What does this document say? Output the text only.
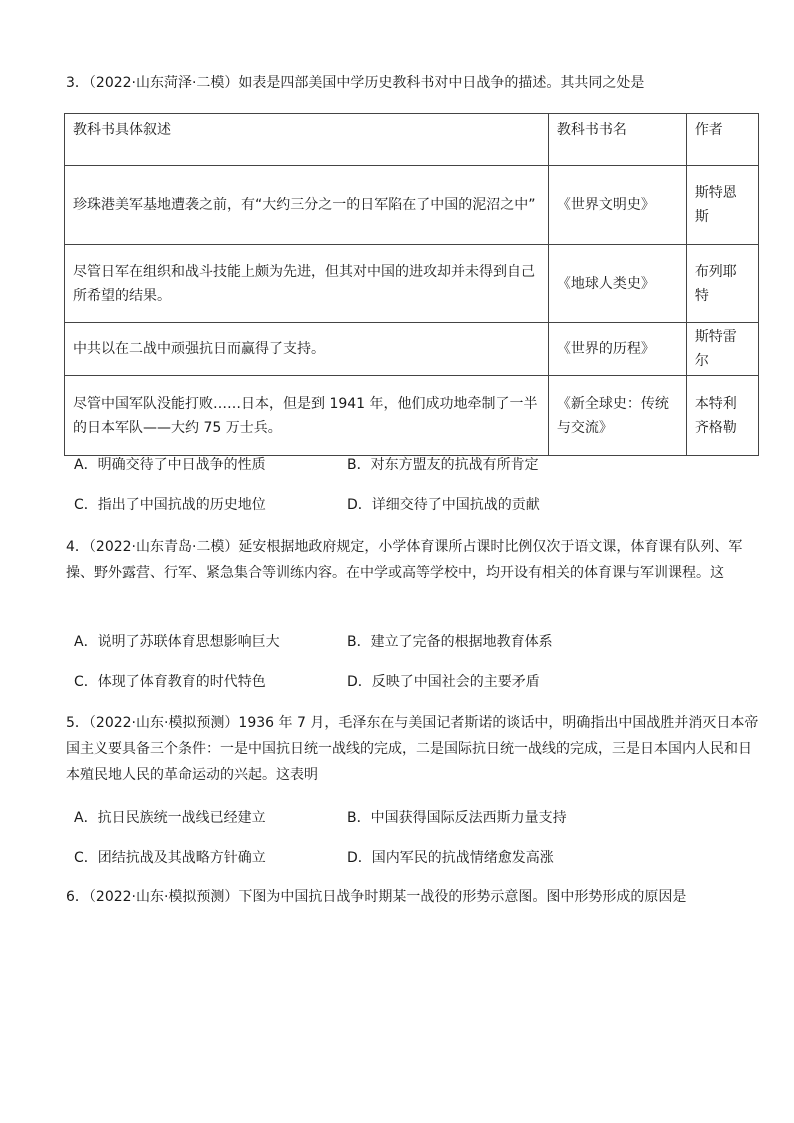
3．（2022·山东菏泽·二模）如表是四部美国中学历史教科书对中日战争的描述。其共同之处是
教科书具体叙述	教科书书名	作者
珍珠港美军基地遭袭之前，有“大约三分之一的日军陷在了中国的泥沼之中”	《世界文明史》	斯特恩斯
尽管日军在组织和战斗技能上颇为先进，但其对中国的进攻却并未得到自己所希望的结果。	《地球人类史》	布列耶特
中共以在二战中顽强抗日而赢得了支持。	《世界的历程》	斯特雷尔
尽管中国军队没能打败……日本，但是到 1941 年，他们成功地牵制了一半的日本军队——大约 75 万士兵。	《新全球史：传统与交流》	本特利齐格勒
A．明确交待了中日战争的性质	B．对东方盟友的抗战有所肯定
C．指出了中国抗战的历史地位	D．详细交待了中国抗战的贡献
4．（2022·山东青岛·二模）延安根据地政府规定，小学体育课所占课时比例仅次于语文课，体育课有队列、军操、野外露营、行军、紧急集合等训练内容。在中学或高等学校中，均开设有相关的体育课与军训课程。这
A．说明了苏联体育思想影响巨大	B．建立了完备的根据地教育体系
C．体现了体育教育的时代特色	D．反映了中国社会的主要矛盾
5．（2022·山东·模拟预测）1936 年 7 月，毛泽东在与美国记者斯诺的谈话中，明确指出中国战胜并消灭日本帝国主义要具备三个条件：一是中国抗日统一战线的完成，二是国际抗日统一战线的完成，三是日本国内人民和日本殖民地人民的革命运动的兴起。这表明
A．抗日民族统一战线已经建立	B．中国获得国际反法西斯力量支持
C．团结抗战及其战略方针确立	D．国内军民的抗战情绪愈发高涨
6．（2022·山东·模拟预测）下图为中国抗日战争时期某一战役的形势示意图。图中形势形成的原因是
